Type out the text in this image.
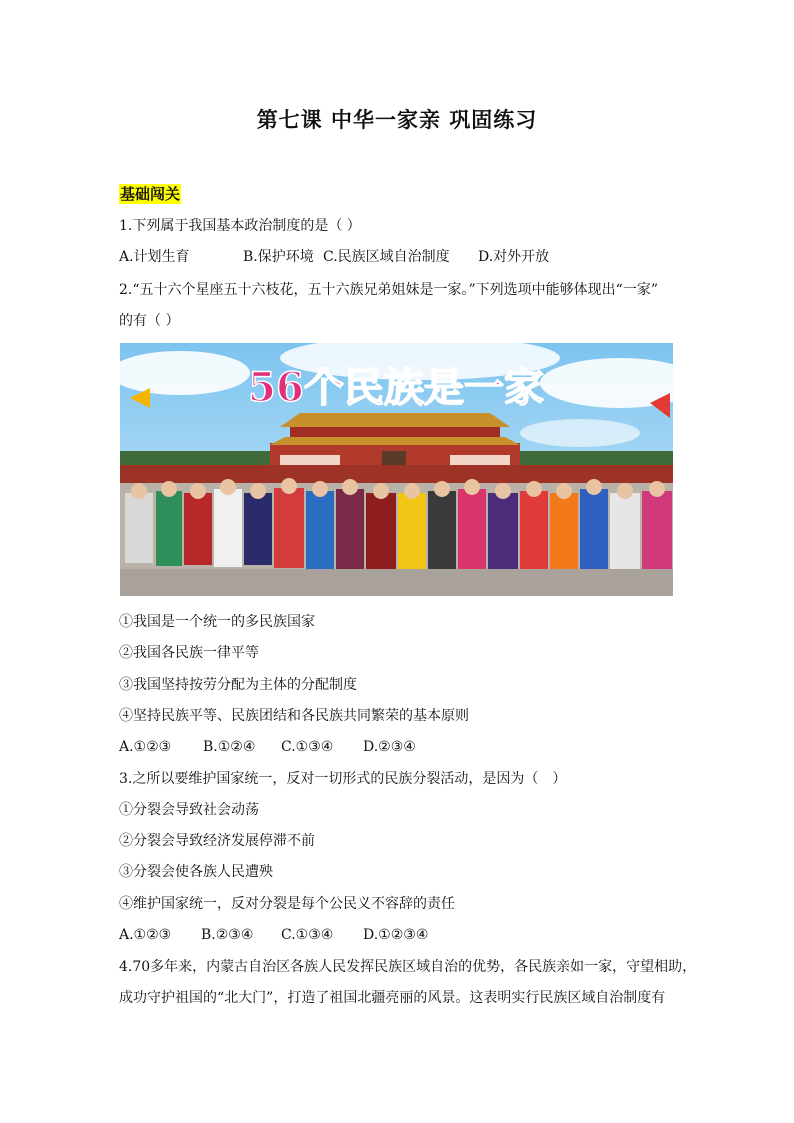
第七课 中华一家亲 巩固练习
基础闯关
1.下列属于我国基本政治制度的是（ ）
A.计划生育	B.保护环境 C.民族区域自治制度 D.对外开放
2.“五十六个星座五十六枝花，五十六族兄弟姐妹是一家。”下列选项中能够体现出“一家”
的有（ ）
56个民族是一家
①我国是一个统一的多民族国家
②我国各民族一律平等
③我国坚持按劳分配为主体的分配制度
④坚持民族平等、民族团结和各民族共同繁荣的基本原则
A.①②③ B.①②④ C.①③④ D.②③④
3.之所以要维护国家统一，反对一切形式的民族分裂活动，是因为（　）
①分裂会导致社会动荡
②分裂会导致经济发展停滞不前
③分裂会使各族人民遭殃
④维护国家统一，反对分裂是每个公民义不容辞的责任
A.①②③ B.②③④ C.①③④ D.①②③④
4.70多年来，内蒙古自治区各族人民发挥民族区域自治的优势，各民族亲如一家，守望相助，
成功守护祖国的“北大门”，打造了祖国北疆亮丽的风景。这表明实行民族区域自治制度有
